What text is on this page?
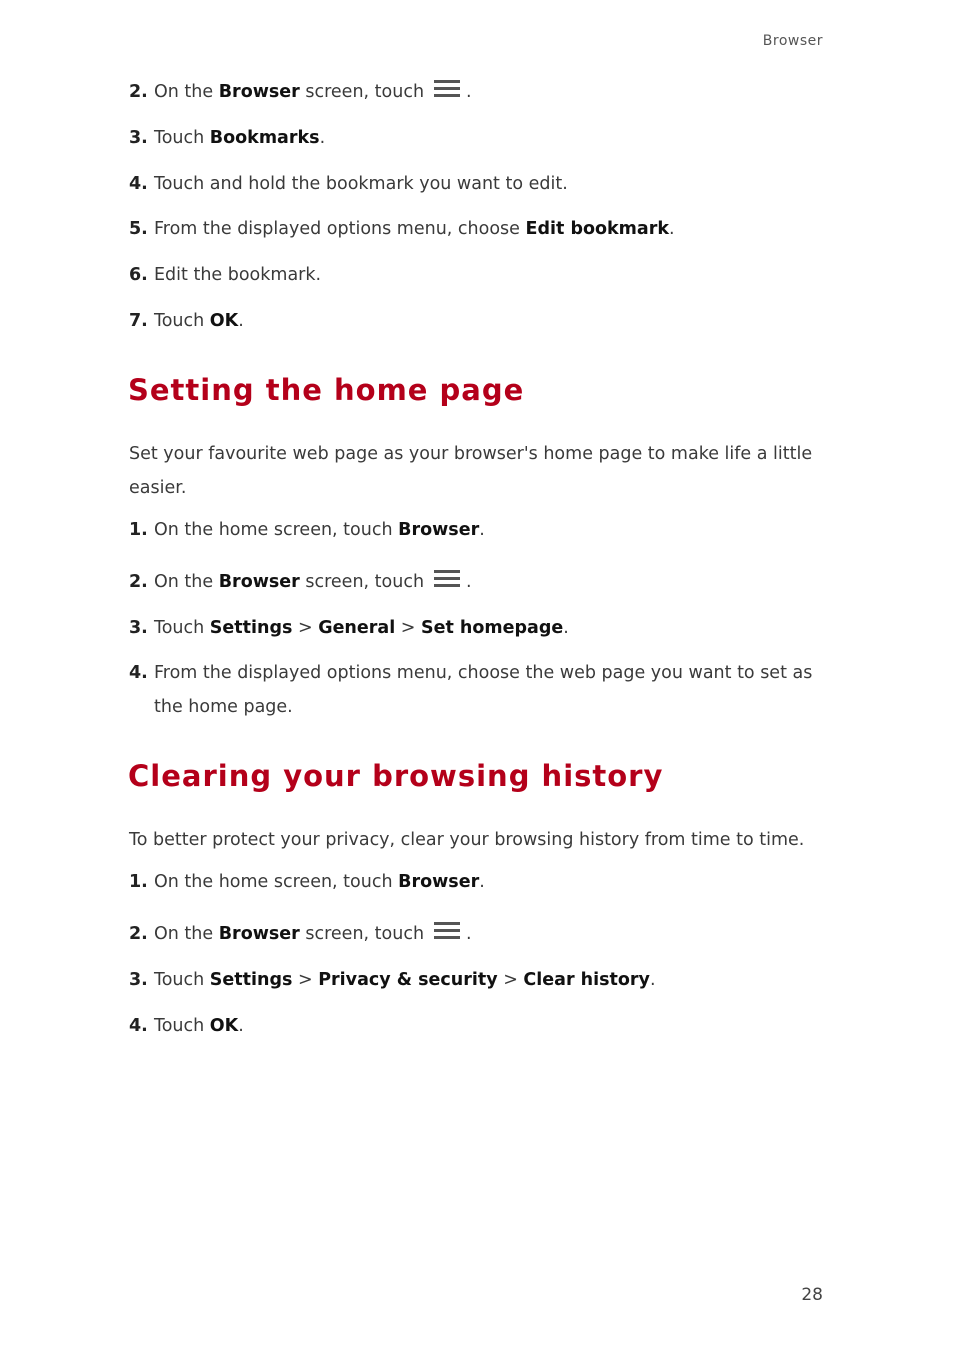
Browser
2. On the Browser screen, touch .
3. Touch Bookmarks.
4. Touch and hold the bookmark you want to edit.
5. From the displayed options menu, choose Edit bookmark.
6. Edit the bookmark.
7. Touch OK.
Setting the home page
Set your favourite web page as your browser's home page to make life a little easier.
1. On the home screen, touch Browser.
2. On the Browser screen, touch .
3. Touch Settings > General > Set homepage.
4. From the displayed options menu, choose the web page you want to set as the home page.
Clearing your browsing history
To better protect your privacy, clear your browsing history from time to time.
1. On the home screen, touch Browser.
2. On the Browser screen, touch .
3. Touch Settings > Privacy & security > Clear history.
4. Touch OK.
28
